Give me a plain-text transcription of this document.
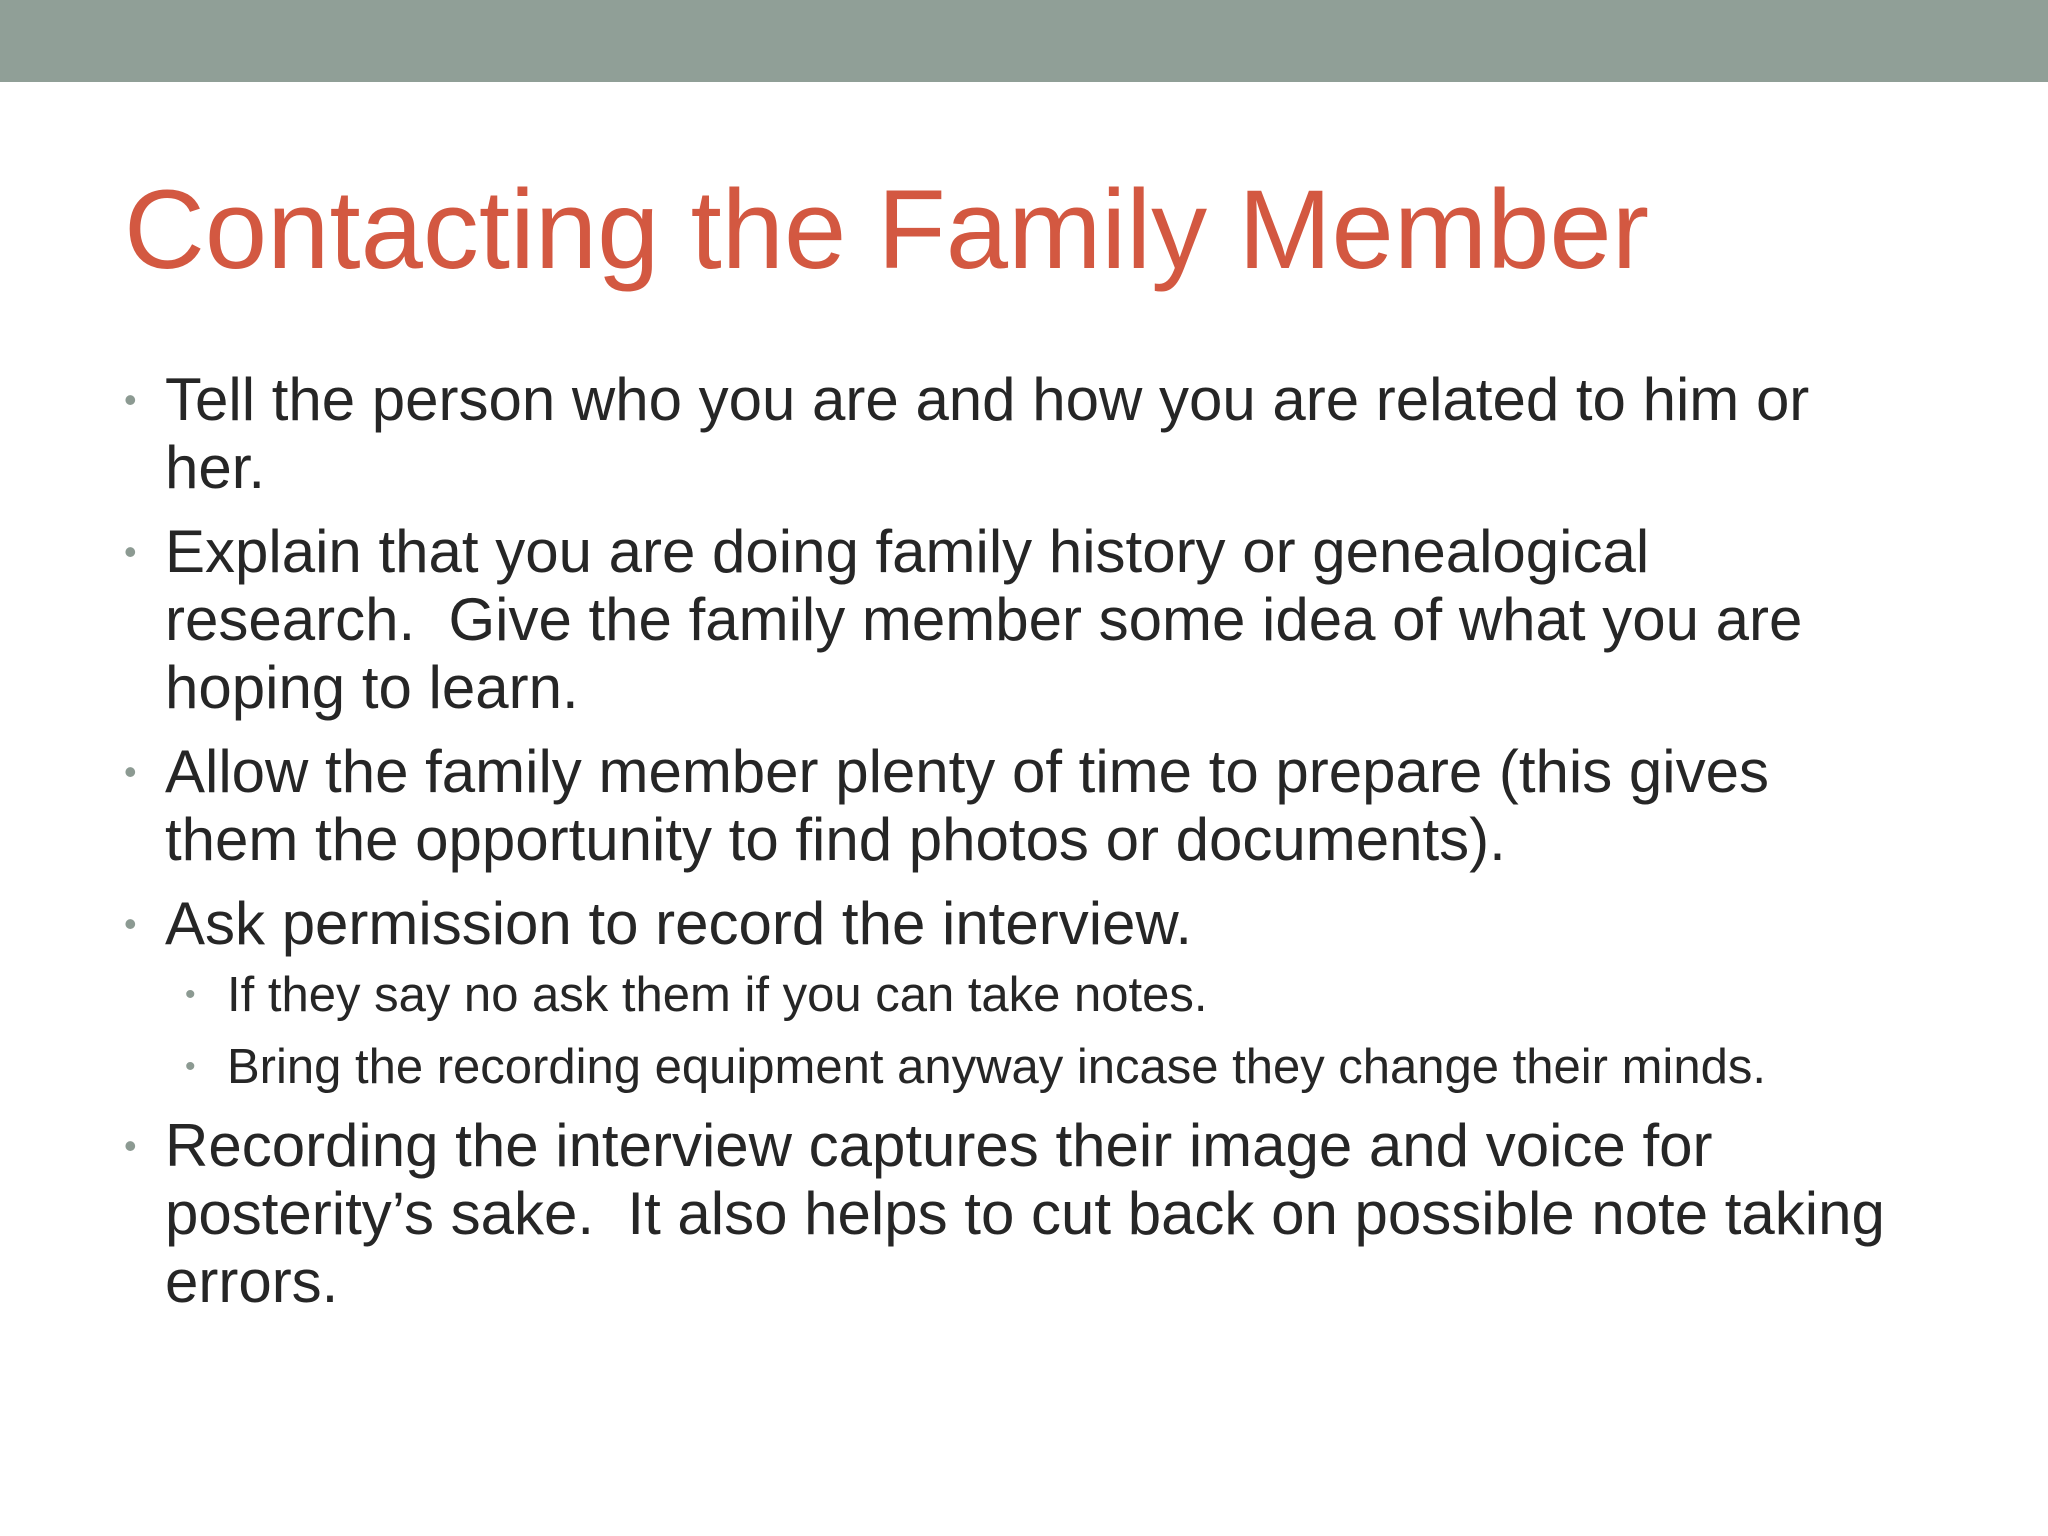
Contacting the Family Member
• Tell the person who you are and how you are related to him or her.
• Explain that you are doing family history or genealogical research.  Give the family member some idea of what you are hoping to learn.
• Allow the family member plenty of time to prepare (this gives them the opportunity to find photos or documents).
• Ask permission to record the interview.
• If they say no ask them if you can take notes.
• Bring the recording equipment anyway incase they change their minds.
• Recording the interview captures their image and voice for posterity’s sake.  It also helps to cut back on possible note taking errors.
